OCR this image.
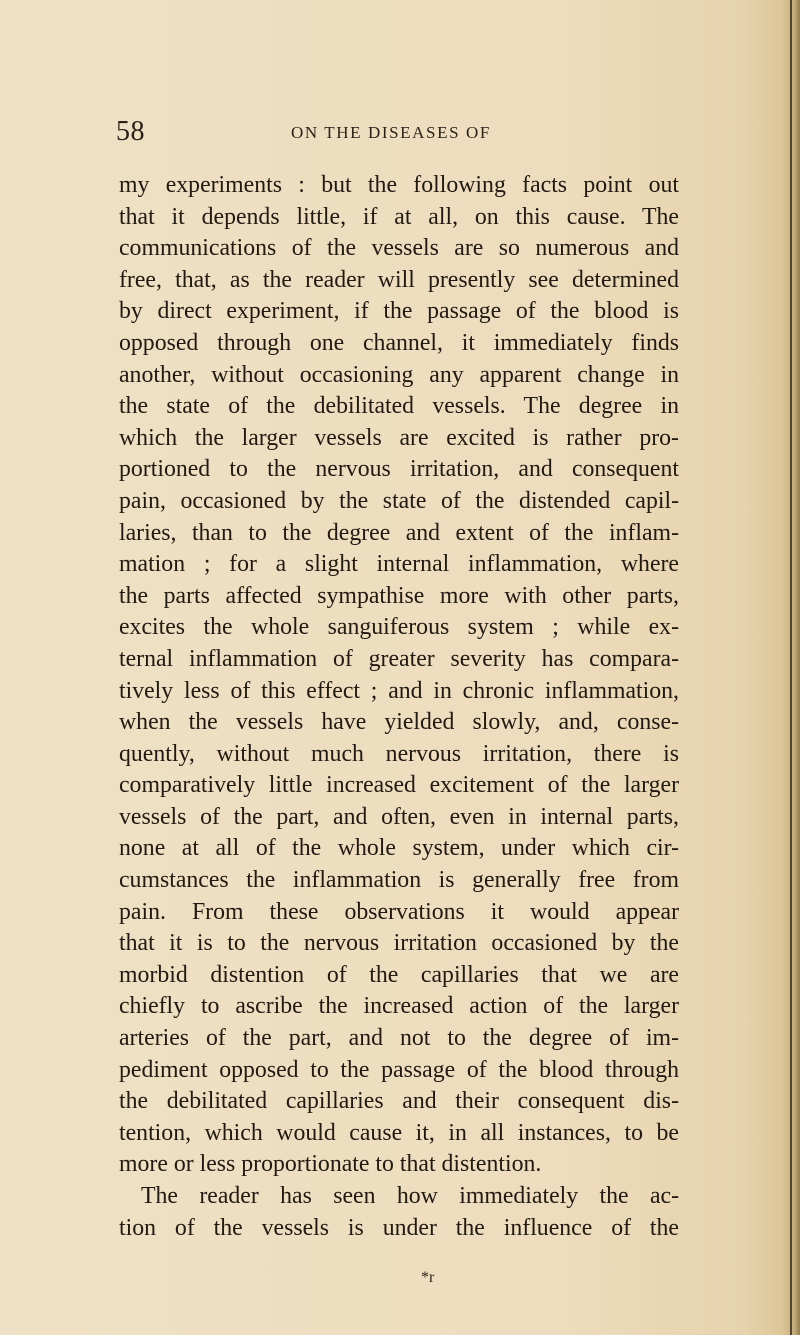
58	ON THE DISEASES OF
my experiments : but the following facts point out
that it depends little, if at all, on this cause. The
communications of the vessels are so numerous and
free, that, as the reader will presently see determined
by direct experiment, if the passage of the blood is
opposed through one channel, it immediately finds
another, without occasioning any apparent change in
the state of the debilitated vessels. The degree in
which the larger vessels are excited is rather pro-
portioned to the nervous irritation, and consequent
pain, occasioned by the state of the distended capil-
laries, than to the degree and extent of the inflam-
mation ; for a slight internal inflammation, where
the parts affected sympathise more with other parts,
excites the whole sanguiferous system ; while ex-
ternal inflammation of greater severity has compara-
tively less of this effect ; and in chronic inflammation,
when the vessels have yielded slowly, and, conse-
quently, without much nervous irritation, there is
comparatively little increased excitement of the larger
vessels of the part, and often, even in internal parts,
none at all of the whole system, under which cir-
cumstances the inflammation is generally free from
pain. From these observations it would appear
that it is to the nervous irritation occasioned by the
morbid distention of the capillaries that we are
chiefly to ascribe the increased action of the larger
arteries of the part, and not to the degree of im-
pediment opposed to the passage of the blood through
the debilitated capillaries and their consequent dis-
tention, which would cause it, in all instances, to be
more or less proportionate to that distention.
The reader has seen how immediately the ac-
tion of the vessels is under the influence of the
*r
